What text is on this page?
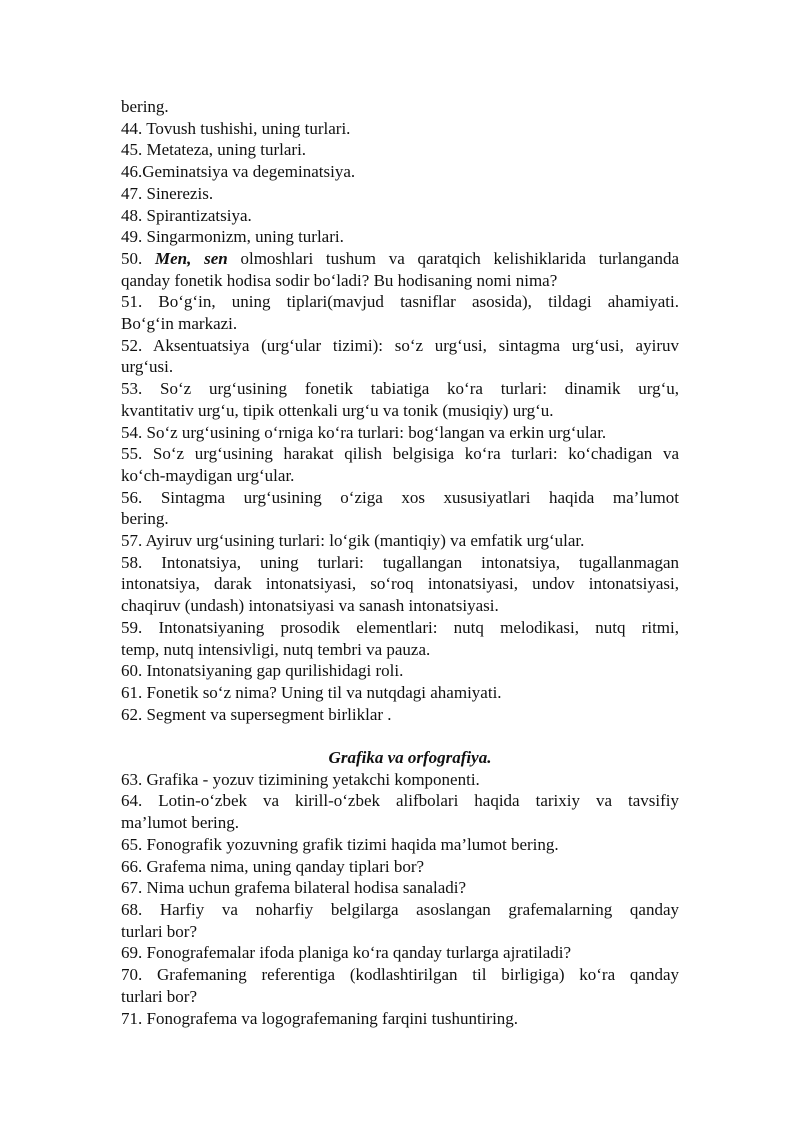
bering.
44. Tovush tushishi, uning turlari.
45. Metateza, uning turlari.
46.Geminatsiya va degeminatsiya.
47. Sinerezis.
48. Spirantizatsiya.
49. Singarmonizm, uning turlari.
50. Men, sen olmoshlari tushum va qaratqich kelishiklarida turlanganda
qanday fonetik hodisa sodir bo‘ladi? Bu hodisaning nomi nima?
51. Bo‘g‘in, uning tiplari(mavjud tasniflar asosida), tildagi ahamiyati.
Bo‘g‘in markazi.
52. Aksentuatsiya (urg‘ular tizimi): so‘z urg‘usi, sintagma urg‘usi, ayiruv
urg‘usi.
53. So‘z urg‘usining fonetik tabiatiga ko‘ra turlari: dinamik urg‘u,
kvantitativ urg‘u, tipik ottenkali urg‘u va tonik (musiqiy) urg‘u.
54. So‘z urg‘usining o‘rniga ko‘ra turlari: bog‘langan va erkin urg‘ular.
55. So‘z urg‘usining harakat qilish belgisiga ko‘ra turlari: ko‘chadigan va
ko‘ch-maydigan urg‘ular.
56. Sintagma urg‘usining o‘ziga xos xususiyatlari haqida ma’lumot
bering.
57. Ayiruv urg‘usining turlari: lo‘gik (mantiqiy) va emfatik urg‘ular.
58. Intonatsiya, uning turlari: tugallangan intonatsiya, tugallanmagan
intonatsiya, darak intonatsiyasi, so‘roq intonatsiyasi, undov intonatsiyasi,
chaqiruv (undash) intonatsiyasi va sanash intonatsiyasi.
59. Intonatsiyaning prosodik elementlari: nutq melodikasi, nutq ritmi,
temp, nutq intensivligi, nutq tembri va pauza.
60. Intonatsiyaning gap qurilishidagi roli.
61. Fonetik so‘z nima? Uning til va nutqdagi ahamiyati.
62. Segment va supersegment birliklar .
Grafika va orfografiya.
63. Grafika - yozuv tizimining yetakchi komponenti.
64. Lotin-o‘zbek va kirill-o‘zbek alifbolari haqida tarixiy va tavsifiy
ma’lumot bering.
65. Fonografik yozuvning grafik tizimi haqida ma’lumot bering.
66. Grafema nima, uning qanday tiplari bor?
67. Nima uchun grafema bilateral hodisa sanaladi?
68. Harfiy va noharfiy belgilarga asoslangan grafemalarning qanday
turlari bor?
69. Fonografemalar ifoda planiga ko‘ra qanday turlarga ajratiladi?
70. Grafemaning referentiga (kodlashtirilgan til birligiga) ko‘ra qanday
turlari bor?
71. Fonografema va logografemaning farqini tushuntiring.
